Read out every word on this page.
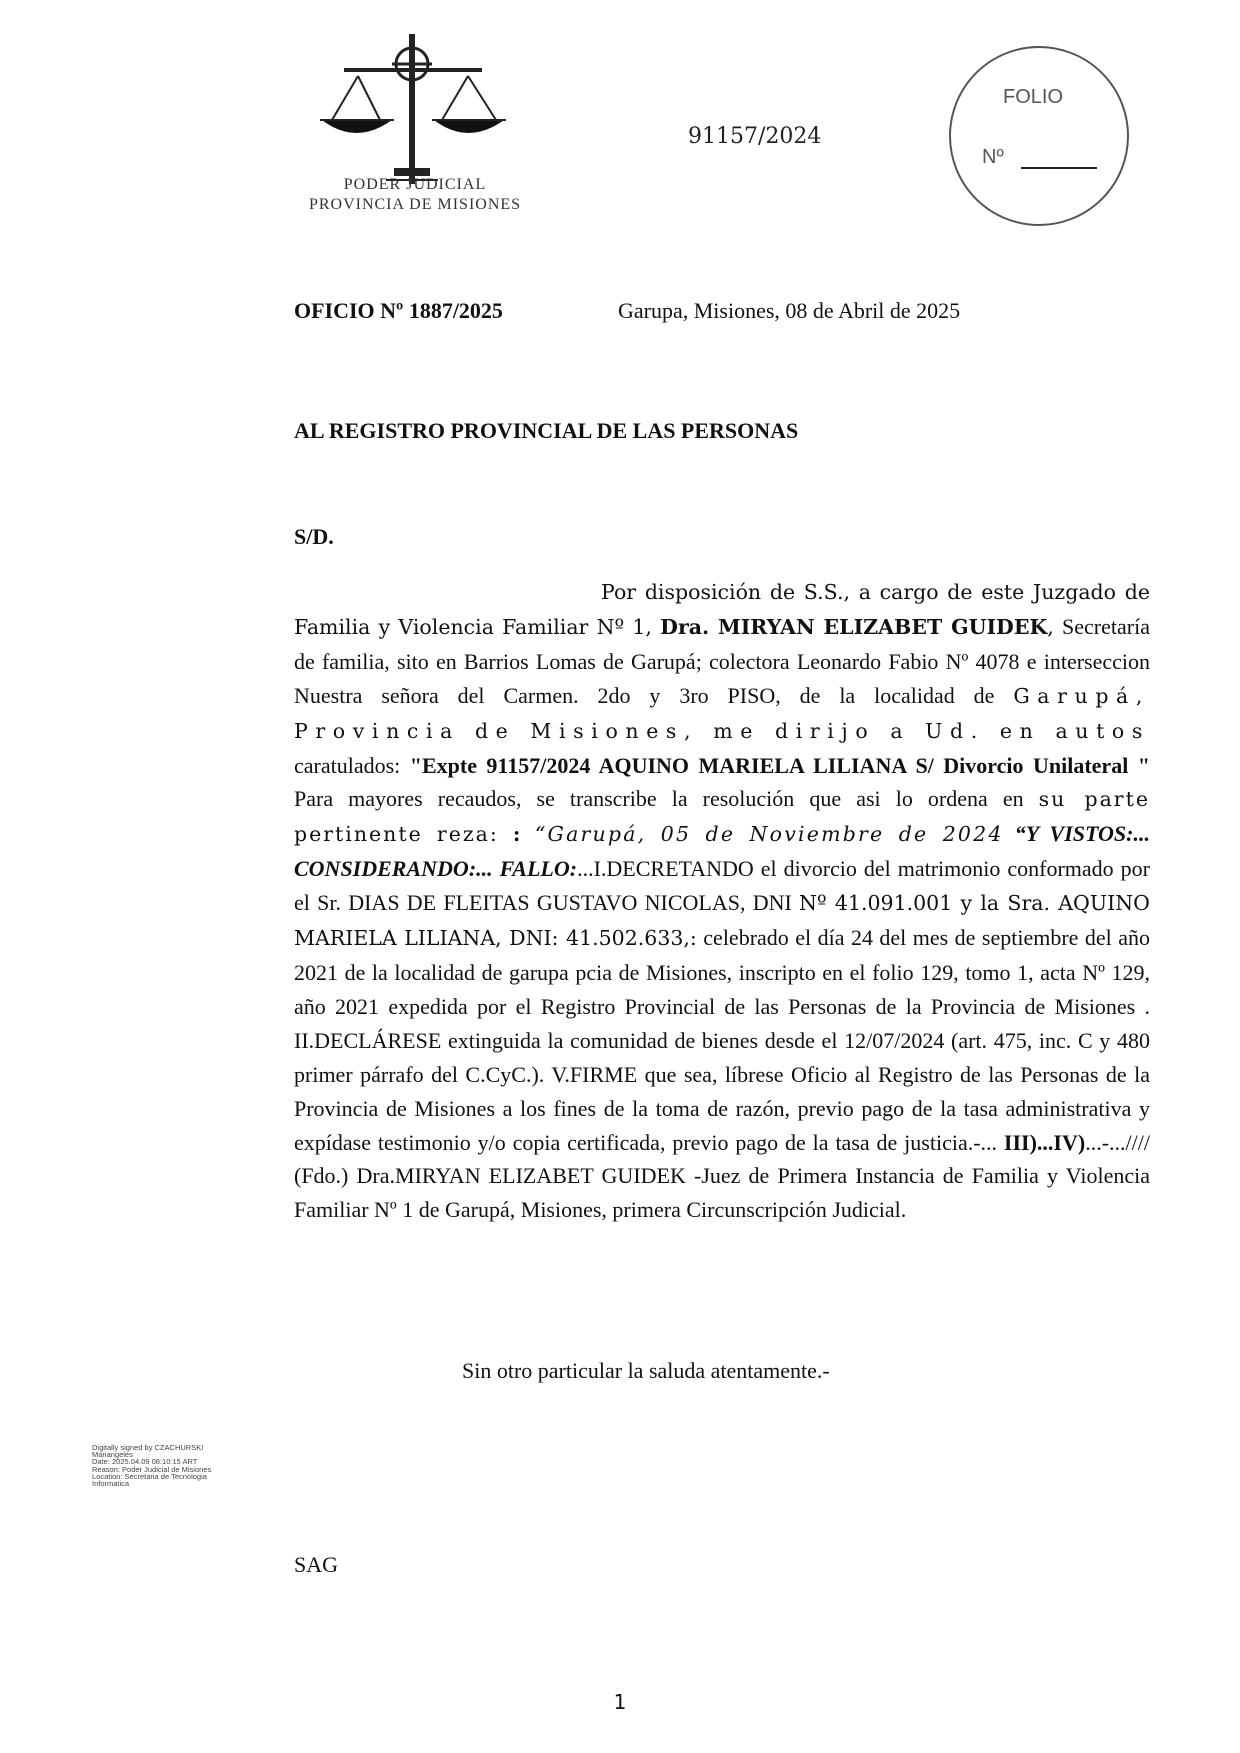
PODER JUDICIAL
PROVINCIA DE MISIONES
91157/2024
FOLIO
Nº
OFICIO Nº 1887/2025	Garupa, Misiones, 08 de Abril de 2025
AL REGISTRO PROVINCIAL DE LAS PERSONAS
S/D.
Por disposición de S.S., a cargo de este Juzgado de Familia y Violencia Familiar Nº 1, Dra. MIRYAN ELIZABET GUIDEK, Secretaría de familia, sito en Barrios Lomas de Garupá; colectora Leonardo Fabio Nº 4078 e interseccion Nuestra señora del Carmen. 2do y 3ro PISO, de la localidad de Garupá, Provincia de Misiones, me dirijo a Ud. en autos caratulados: "Expte 91157/2024 AQUINO MARIELA LILIANA S/ Divorcio Unilateral " Para mayores recaudos, se transcribe la resolución que asi lo ordena en su parte pertinente reza: : “Garupá, 05 de Noviembre de 2024 “Y VISTOS:... CONSIDERANDO:... FALLO:...I.DECRETANDO el divorcio del matrimonio conformado por el Sr. DIAS DE FLEITAS GUSTAVO NICOLAS, DNI Nº 41.091.001 y la Sra. AQUINO MARIELA LILIANA, DNI: 41.502.633,: celebrado el día 24 del mes de septiembre del año 2021 de la localidad de garupa pcia de Misiones, inscripto en el folio 129, tomo 1, acta Nº 129, año 2021 expedida por el Registro Provincial de las Personas de la Provincia de Misiones . II.DECLÁRESE extinguida la comunidad de bienes desde el 12/07/2024 (art. 475, inc. C y 480 primer párrafo del C.CyC.). V.FIRME que sea, líbrese Oficio al Registro de las Personas de la Provincia de Misiones a los fines de la toma de razón, previo pago de la tasa administrativa y expídase testimonio y/o copia certificada, previo pago de la tasa de justicia.-... III)...IV)...-...//// (Fdo.) Dra.MIRYAN ELIZABET GUIDEK -Juez de Primera Instancia de Familia y Violencia Familiar Nº 1 de Garupá, Misiones, primera Circunscripción Judicial.
Sin otro particular la saluda atentamente.-
Digitally signed by CZACHURSKI
Mariangeles
Date: 2025.04.09 08:10:15 ART
Reason: Poder Judicial de Misiones
Location: Secretaria de Tecnologia
Informatica
SAG
1
